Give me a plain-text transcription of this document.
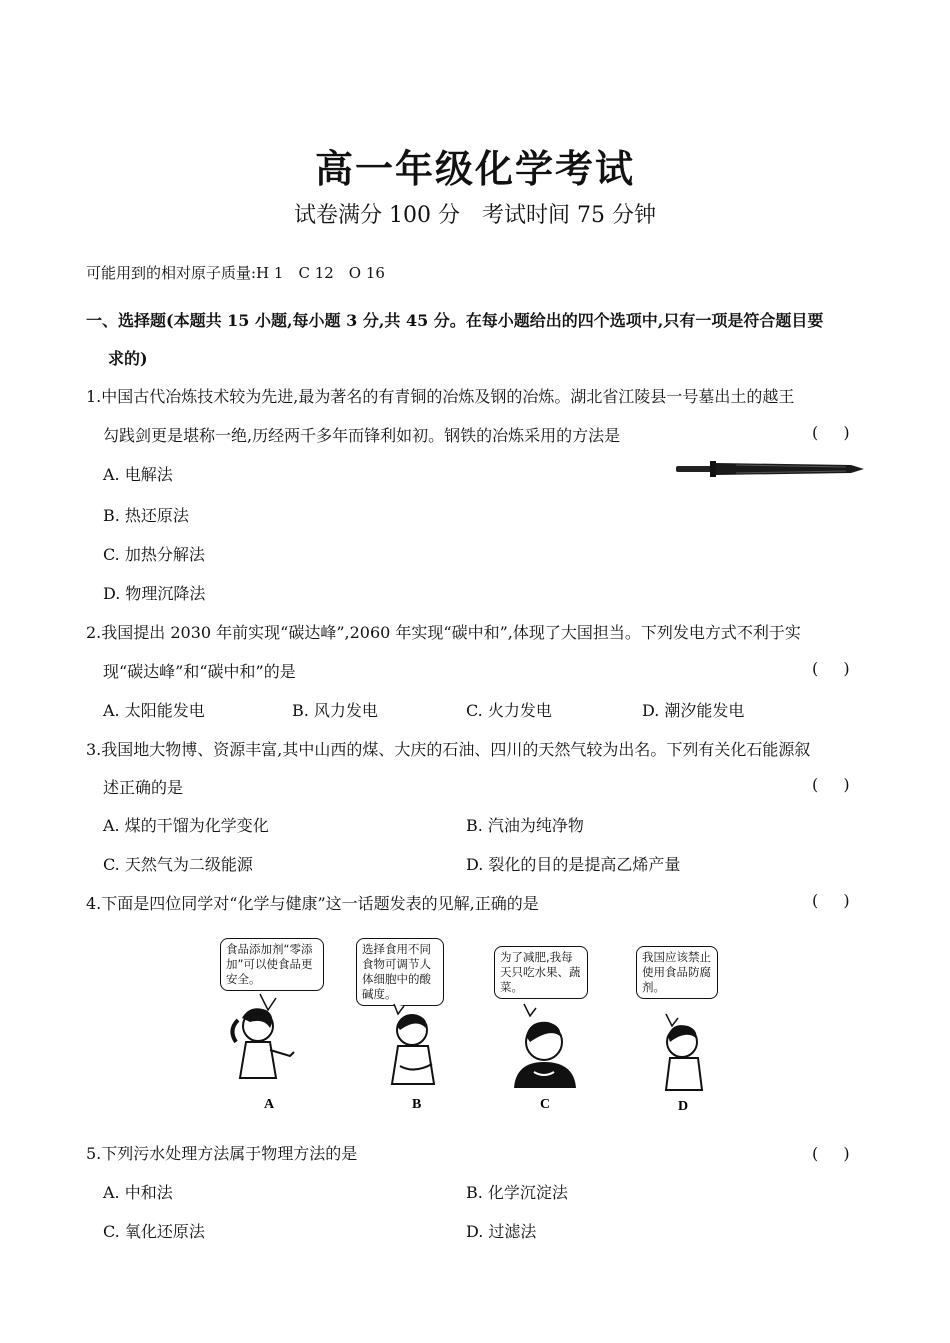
高一年级化学考试
试卷满分 100 分　考试时间 75 分钟
可能用到的相对原子质量:H 1　C 12　O 16
一、选择题(本题共 15 小题,每小题 3 分,共 45 分。在每小题给出的四个选项中,只有一项是符合题目要
求的)
1.中国古代冶炼技术较为先进,最为著名的有青铜的冶炼及钢的冶炼。湖北省江陵县一号墓出土的越王
勾践剑更是堪称一绝,历经两千多年而锋利如初。钢铁的冶炼采用的方法是	( )
A. 电解法
B. 热还原法
C. 加热分解法
D. 物理沉降法
2.我国提出 2030 年前实现“碳达峰”,2060 年实现“碳中和”,体现了大国担当。下列发电方式不利于实
现“碳达峰”和“碳中和”的是	( )
A. 太阳能发电	B. 风力发电	C. 火力发电	D. 潮汐能发电
3.我国地大物博、资源丰富,其中山西的煤、大庆的石油、四川的天然气较为出名。下列有关化石能源叙
述正确的是	( )
A. 煤的干馏为化学变化	B. 汽油为纯净物
C. 天然气为二级能源	D. 裂化的目的是提高乙烯产量
4.下面是四位同学对“化学与健康”这一话题发表的见解,正确的是	( )
食品添加剂“零添加”可以使食品更安全。
A
选择食用不同食物可调节人体细胞中的酸碱度。
B
为了减肥,我每天只吃水果、蔬菜。
C
我国应该禁止使用食品防腐剂。
D
5.下列污水处理方法属于物理方法的是	( )
A. 中和法	B. 化学沉淀法
C. 氧化还原法	D. 过滤法
